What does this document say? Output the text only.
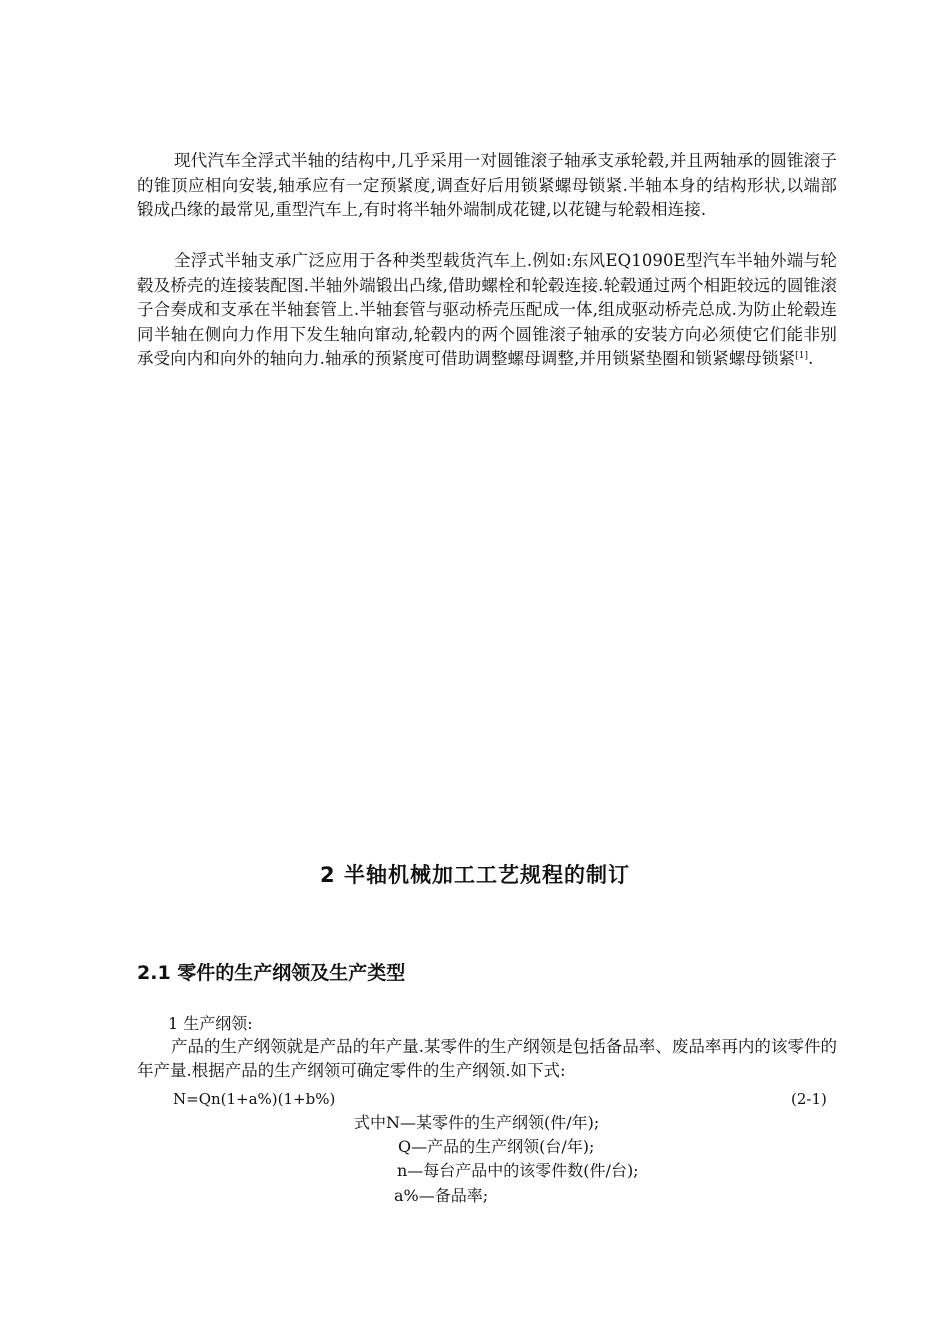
现代汽车全浮式半轴的结构中,几乎采用一对圆锥滚子轴承支承轮毂,并且两轴承的圆锥滚子的锥顶应相向安装,轴承应有一定预紧度,调查好后用锁紧螺母锁紧.半轴本身的结构形状,以端部锻成凸缘的最常见,重型汽车上,有时将半轴外端制成花键,以花键与轮毂相连接.

全浮式半轴支承广泛应用于各种类型载货汽车上.例如:东风EQ1090E型汽车半轴外端与轮毂及桥壳的连接装配图.半轴外端锻出凸缘,借助螺栓和轮毂连接.轮毂通过两个相距较远的圆锥滚子合奏成和支承在半轴套管上.半轴套管与驱动桥壳压配成一体,组成驱动桥壳总成.为防止轮毂连同半轴在侧向力作用下发生轴向窜动,轮毂内的两个圆锥滚子轴承的安装方向必须使它们能非别承受向内和向外的轴向力.轴承的预紧度可借助调整螺母调整,并用锁紧垫圈和锁紧螺母锁紧[1].

2 半轴机械加工工艺规程的制订
2.1 零件的生产纲领及生产类型
1 生产纲领:

产品的生产纲领就是产品的年产量.某零件的生产纲领是包括备品率、废品率再内的该零件的年产量.根据产品的生产纲领可确定零件的生产纲领.如下式:

N=Qn(1+a%)(1+b%)	(2-1)
式中N—某零件的生产纲领(件/年);
Q—产品的生产纲领(台/年);
n—每台产品中的该零件数(件/台);
a%—备品率;
